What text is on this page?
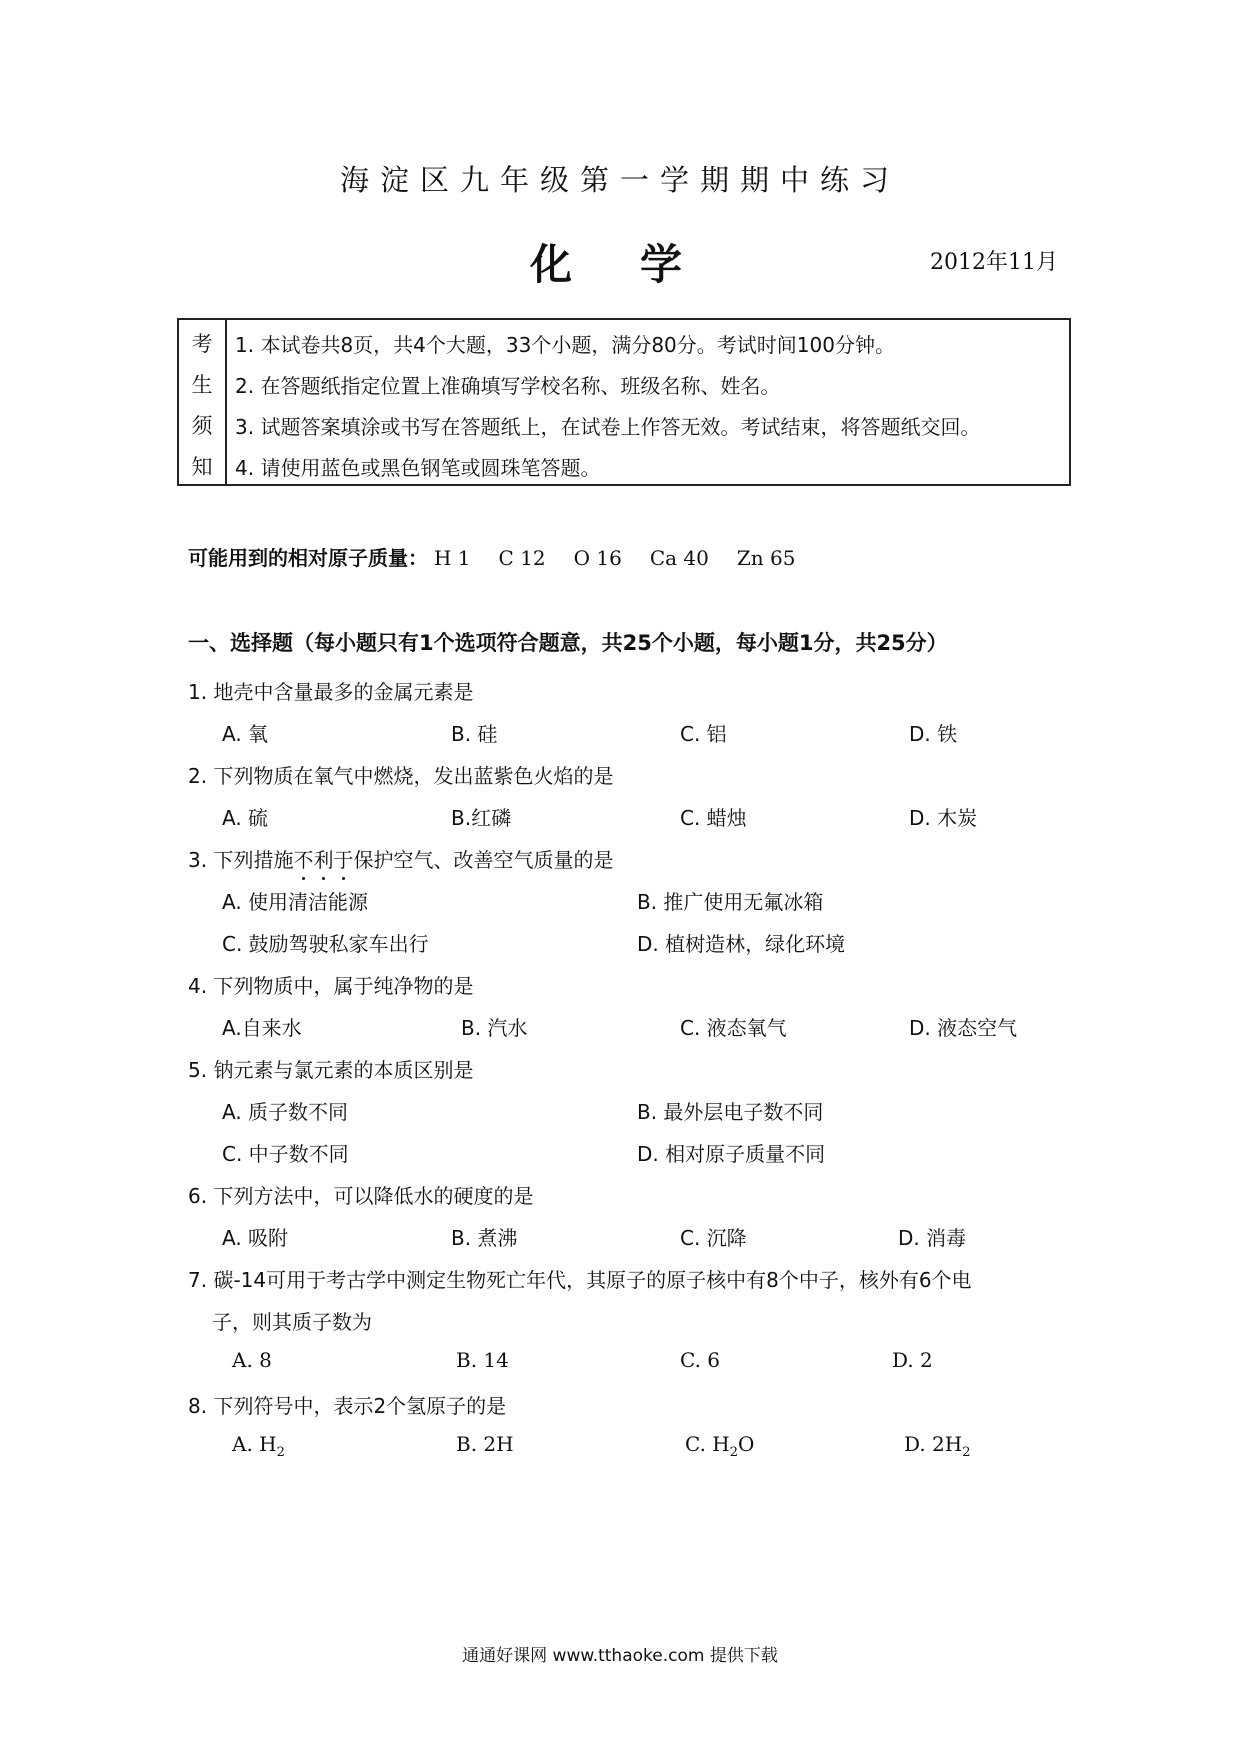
海淀区九年级第一学期期中练习
化学	2012年11月
考
生
须
知
1. 本试卷共8页，共4个大题，33个小题，满分80分。考试时间100分钟。
2. 在答题纸指定位置上准确填写学校名称、班级名称、姓名。
3. 试题答案填涂或书写在答题纸上，在试卷上作答无效。考试结束，将答题纸交回。
4. 请使用蓝色或黑色钢笔或圆珠笔答题。
可能用到的相对原子质量： H 1 C 12 O 16 Ca 40 Zn 65
一、选择题（每小题只有1个选项符合题意，共25个小题，每小题1分，共25分）
1. 地壳中含量最多的金属元素是
A. 氧	B. 硅	C. 铝	D. 铁
2. 下列物质在氧气中燃烧，发出蓝紫色火焰的是
A. 硫	B.红磷	C. 蜡烛	D. 木炭
3. 下列措施不利于保护空气、改善空气质量的是
A. 使用清洁能源	B. 推广使用无氟冰箱
C. 鼓励驾驶私家车出行	D. 植树造林，绿化环境
4. 下列物质中，属于纯净物的是
A.自来水	B. 汽水	C. 液态氧气	D. 液态空气
5. 钠元素与氯元素的本质区别是
A. 质子数不同	B. 最外层电子数不同
C. 中子数不同	D. 相对原子质量不同
6. 下列方法中，可以降低水的硬度的是
A. 吸附	B. 煮沸	C. 沉降	D. 消毒
7. 碳-14可用于考古学中测定生物死亡年代，其原子的原子核中有8个中子，核外有6个电
子，则其质子数为
A. 8	B. 14	C. 6	D. 2
8. 下列符号中，表示2个氢原子的是
A. $H_2$	B. 2H	C. $H_2O$	D. $2H_2$
通通好课网 www.tthaoke.com 提供下载
